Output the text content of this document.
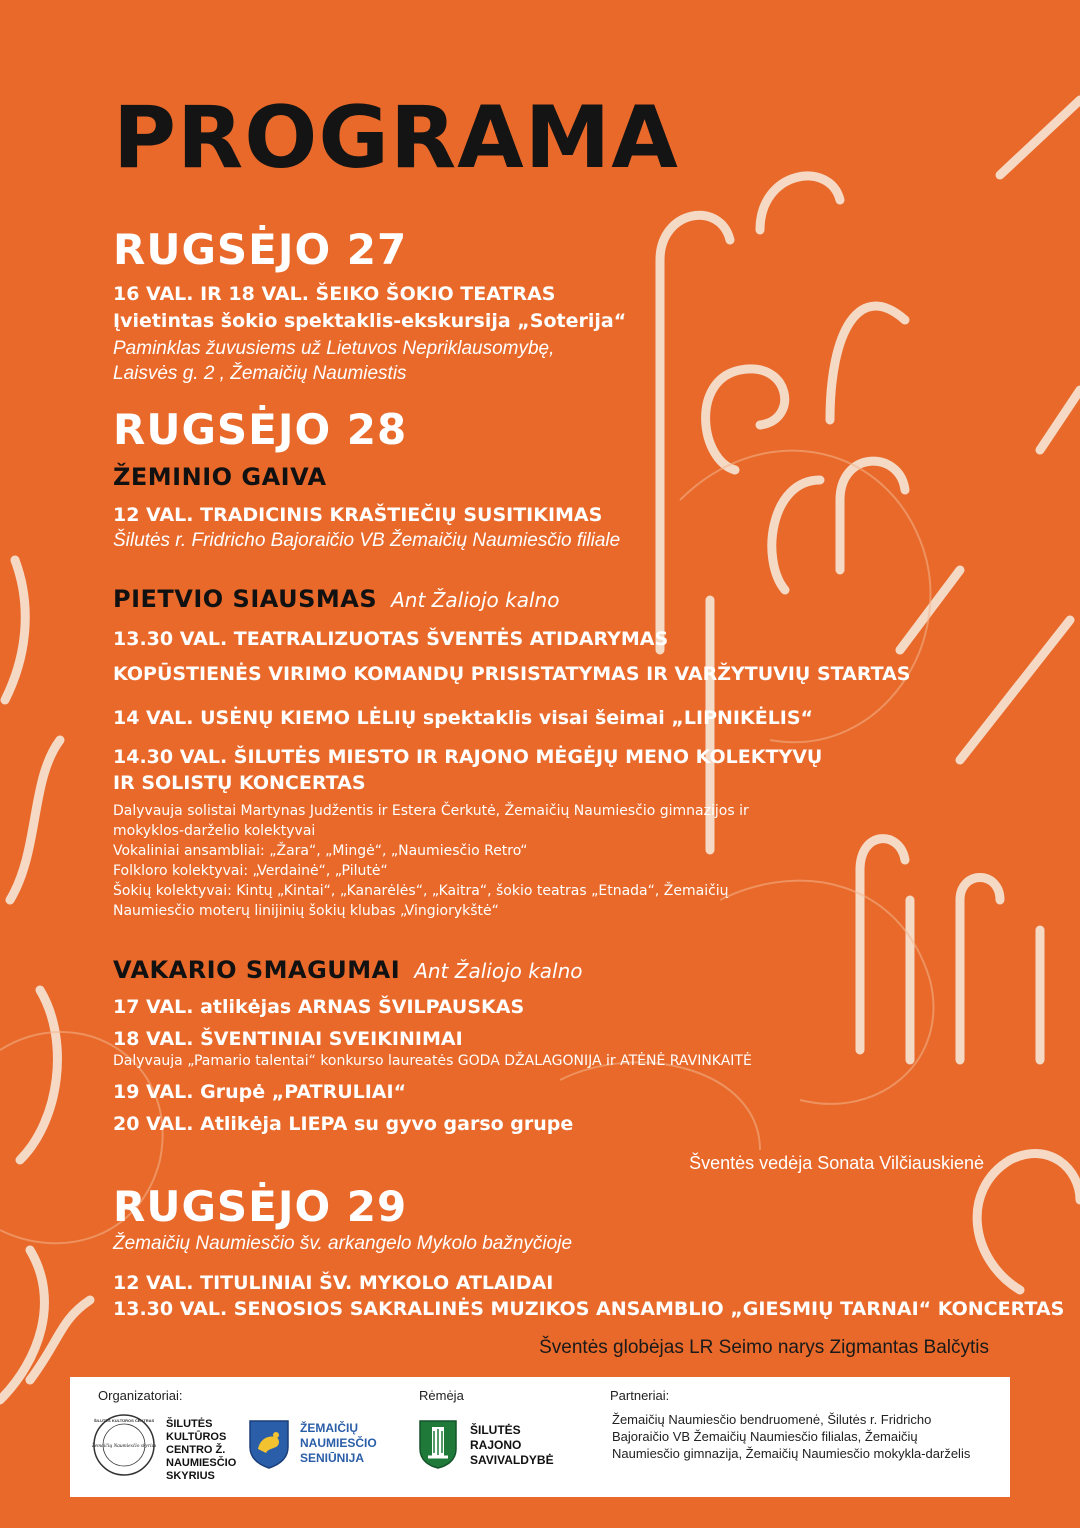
PROGRAMA
RUGSĖJO 27
16 VAL. IR 18 VAL. ŠEIKO ŠOKIO TEATRAS
Įvietintas šokio spektaklis-ekskursija „Soterija“
Paminklas žuvusiems už Lietuvos Nepriklausomybę,
Laisvės g. 2 , Žemaičių Naumiestis
RUGSĖJO 28
ŽEMINIO GAIVA
12 VAL. TRADICINIS KRAŠTIEČIŲ SUSITIKIMAS
Šilutės r. Fridricho Bajoraičio VB Žemaičių Naumiesčio filiale
PIETVIO SIAUSMAS Ant Žaliojo kalno
13.30 VAL. TEATRALIZUOTAS ŠVENTĖS ATIDARYMAS
KOPŪSTIENĖS VIRIMO KOMANDŲ PRISISTATYMAS IR VARŽYTUVIŲ STARTAS
14 VAL. USĖNŲ KIEMO LĖLIŲ spektaklis visai šeimai „LIPNIKĖLIS“
14.30 VAL. ŠILUTĖS MIESTO IR RAJONO MĖGĖJŲ MENO KOLEKTYVŲ
IR SOLISTŲ KONCERTAS
Dalyvauja solistai Martynas Judžentis ir Estera Čerkutė, Žemaičių Naumiesčio gimnazijos ir
mokyklos-darželio kolektyvai
Vokaliniai ansambliai: „Žara“, „Mingė“, „Naumiesčio Retro“
Folkloro kolektyvai: „Verdainė“, „Pilutė“
Šokių kolektyvai: Kintų „Kintai“, „Kanarėlės“, „Kaitra“, šokio teatras „Etnada“, Žemaičių
Naumiesčio moterų linijinių šokių klubas „Vingiorykštė“
VAKARIO SMAGUMAI Ant Žaliojo kalno
17 VAL. atlikėjas ARNAS ŠVILPAUSKAS
18 VAL. ŠVENTINIAI SVEIKINIMAI
Dalyvauja „Pamario talentai“ konkurso laureatės GODA DŽALAGONIJA ir ATĖNĖ RAVINKAITĖ
19 VAL. Grupė „PATRULIAI“
20 VAL. Atlikėja LIEPA su gyvo garso grupe
Šventės vedėja Sonata Vilčiauskienė
RUGSĖJO 29
Žemaičių Naumiesčio šv. arkangelo Mykolo bažnyčioje
12 VAL. TITULINIAI ŠV. MYKOLO ATLAIDAI
13.30 VAL. SENOSIOS SAKRALINĖS MUZIKOS ANSAMBLIO „GIESMIŲ TARNAI“ KONCERTAS
Šventės globėjas LR Seimo narys Zigmantas Balčytis
Organizatoriai:	Rėmėja	Partneriai:
ŠILUTĖS KULTŪROS CENTRAS
Žemaičių Naumiesčio skyrius
ŠILUTĖS
KULTŪROS
CENTRO Ž.
NAUMIESČIO
SKYRIUS
ŽEMAIČIŲ
NAUMIESČIO
SENIŪNIJA
ŠILUTĖS
RAJONO
SAVIVALDYBĖ
Žemaičių Naumiesčio bendruomenė, Šilutės r. Fridricho Bajoraičio VB Žemaičių Naumiesčio filialas, Žemaičių Naumiesčio gimnazija, Žemaičių Naumiesčio mokykla-darželis
